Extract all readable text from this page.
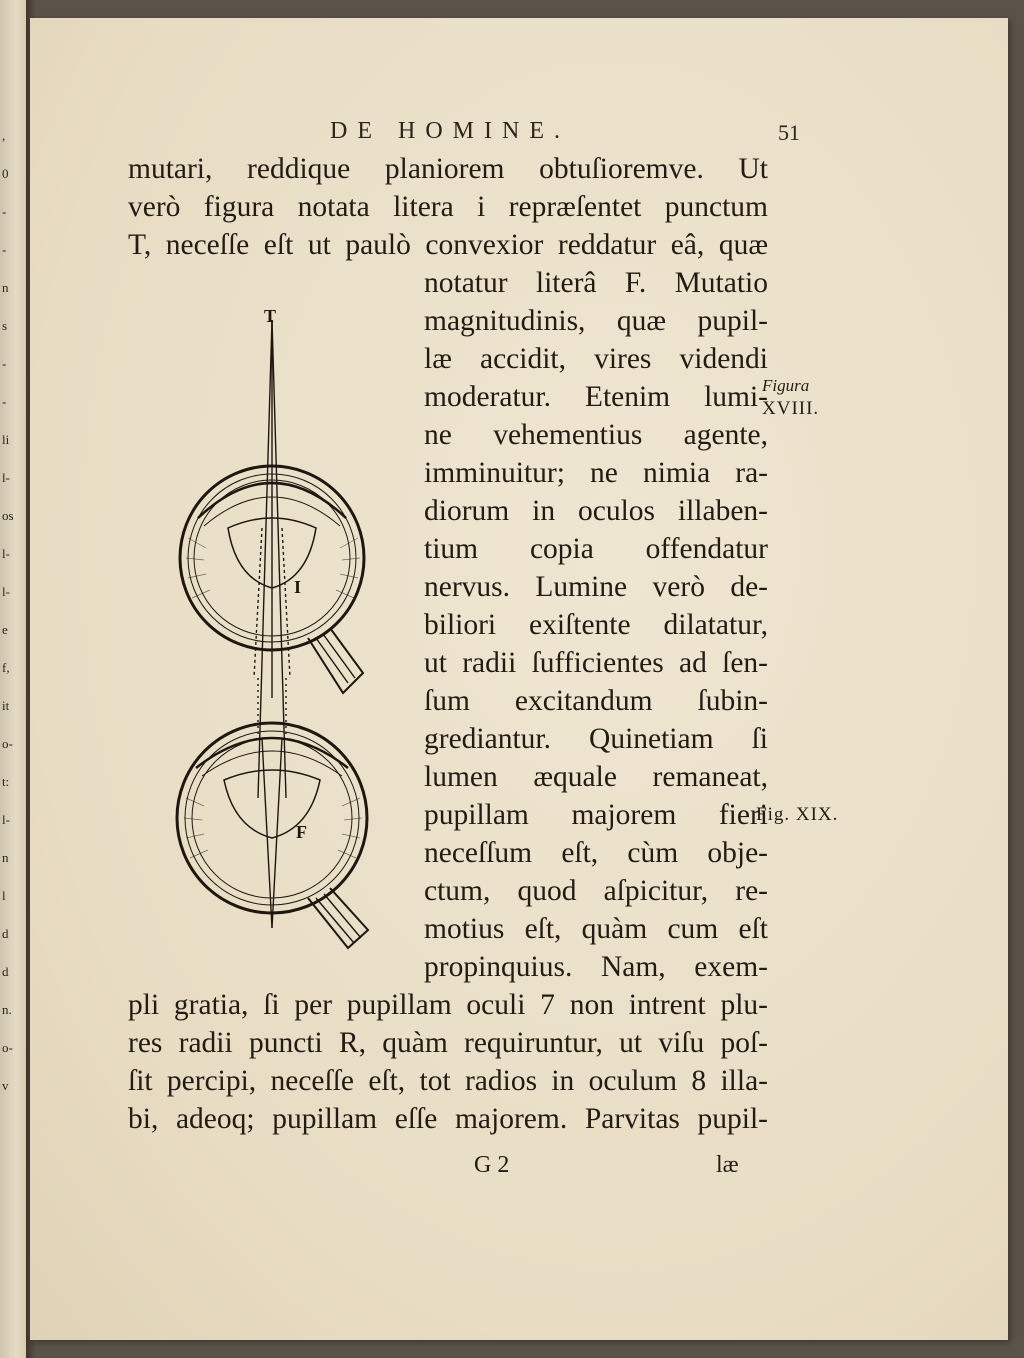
,
0
-
-
n
s
-
-
li
l-
os
l-
l-
e
f,
it
o-
t:
l-
n
l
d
d
n.
o-
v
DE HOMINE.	51
mutari, reddique planiorem obtuſioremve. Ut
verò figura notata litera i repræſentet punctum
T, neceſſe eſt ut paulò convexior reddatur eâ, quæ
notatur literâ F. Mutatio
magnitudinis, quæ pupil-
læ accidit, vires videndi
moderatur. Etenim lumi-
ne vehementius agente,
imminuitur; ne nimia ra-
diorum in oculos illaben-
tium copia offendatur
nervus. Lumine verò de-
biliori exiſtente dilatatur,
ut radii ſufficientes ad ſen-
ſum excitandum ſubin-
grediantur. Quinetiam ſi
lumen æquale remaneat,
pupillam majorem fieri
neceſſum eſt, cùm obje-
ctum, quod aſpicitur, re-
motius eſt, quàm cum eſt
propinquius. Nam, exem-
pli gratia, ſi per pupillam oculi 7 non intrent plu-
res radii puncti R, quàm requiruntur, ut viſu poſ-
ſit percipi, neceſſe eſt, tot radios in oculum 8 illa-
bi, adeoq; pupillam eſſe majorem. Parvitas pupil-
Figura
XVIII.
Fig. XIX.
T
I
F
G 2	læ
